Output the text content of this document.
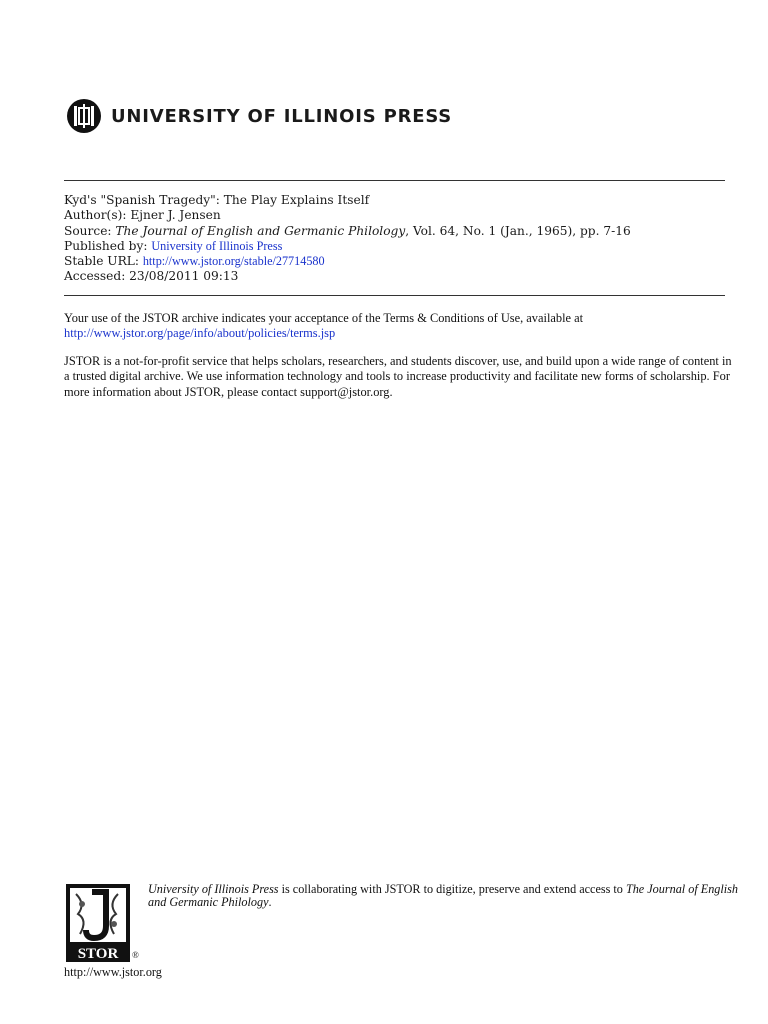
UNIVERSITY OF ILLINOIS PRESS
Kyd's "Spanish Tragedy": The Play Explains Itself
Author(s): Ejner J. Jensen
Source: The Journal of English and Germanic Philology, Vol. 64, No. 1 (Jan., 1965), pp. 7-16
Published by: University of Illinois Press
Stable URL: http://www.jstor.org/stable/27714580
Accessed: 23/08/2011 09:13
Your use of the JSTOR archive indicates your acceptance of the Terms & Conditions of Use, available at
http://www.jstor.org/page/info/about/policies/terms.jsp
JSTOR is a not-for-profit service that helps scholars, researchers, and students discover, use, and build upon a wide range of content in a trusted digital archive. We use information technology and tools to increase productivity and facilitate new forms of scholarship. For more information about JSTOR, please contact support@jstor.org.
STOR ®
University of Illinois Press is collaborating with JSTOR to digitize, preserve and extend access to The Journal of English and Germanic Philology.
http://www.jstor.org
